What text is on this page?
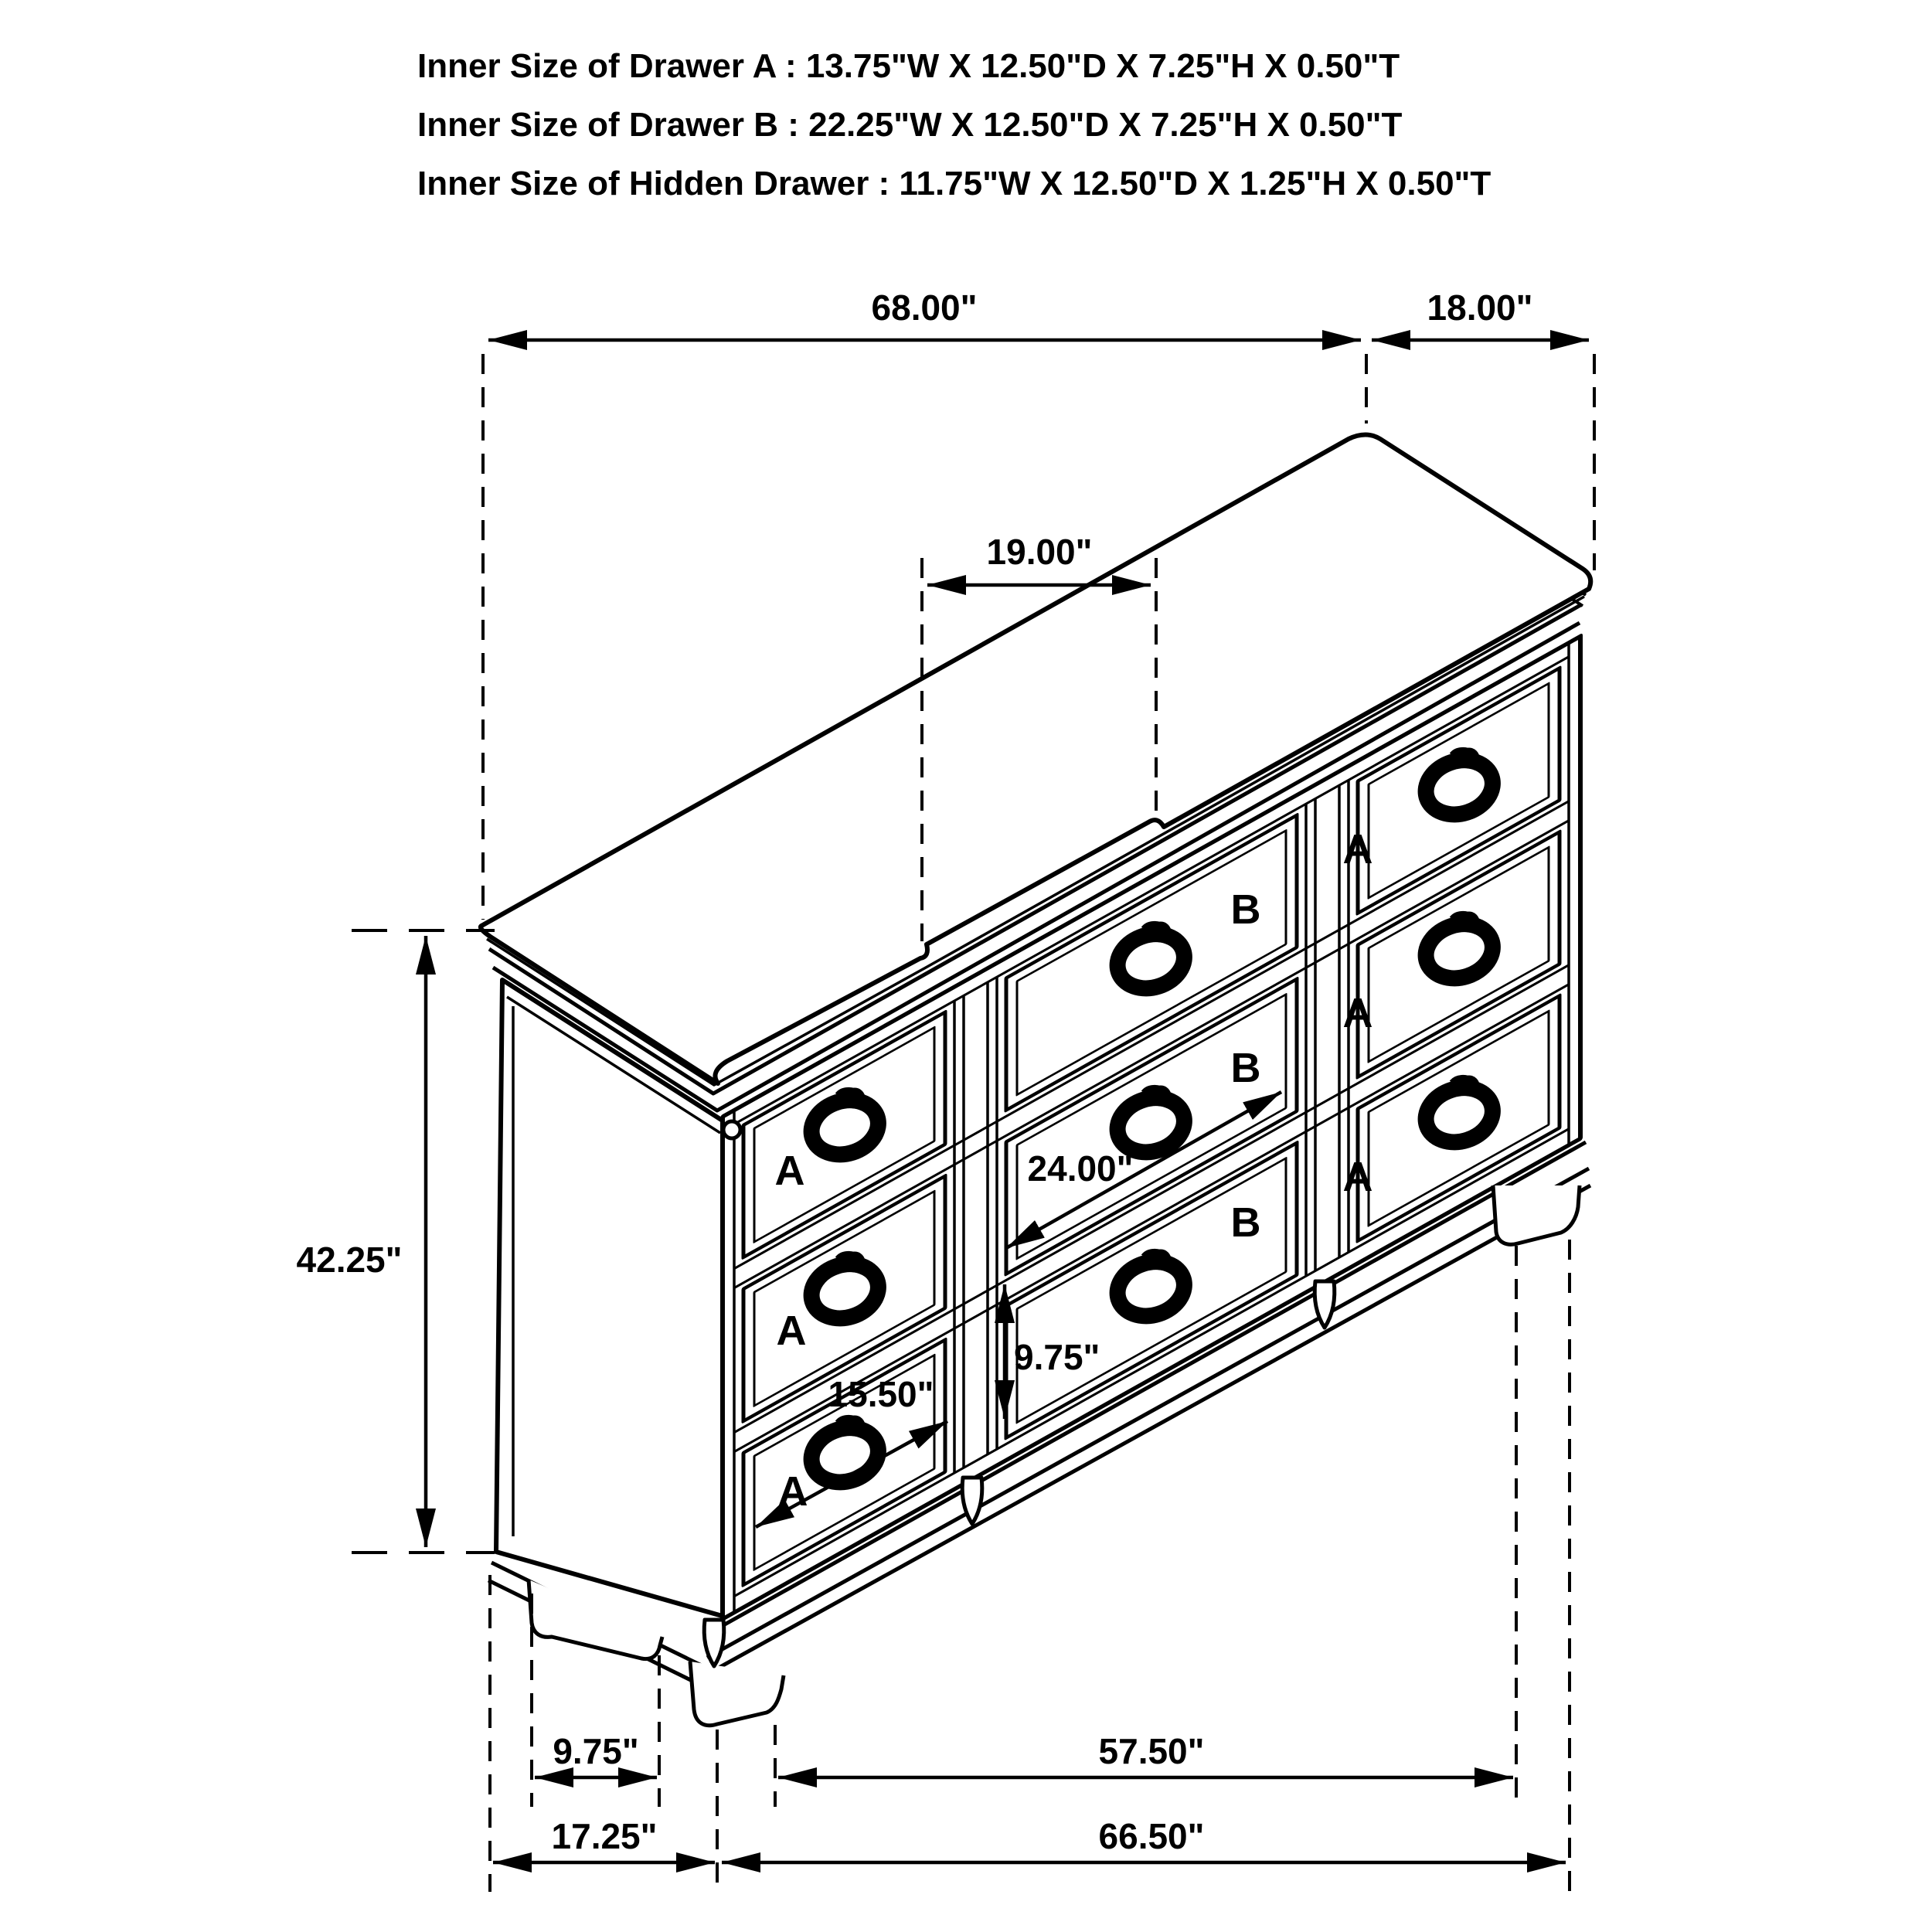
Inner Size of Drawer A : 13.75"W X 12.50"D X 7.25"H X 0.50"T
Inner Size of Drawer B : 22.25"W X 12.50"D X 7.25"H X 0.50"T
Inner Size of Hidden Drawer : 11.75"W X 12.50"D X 1.25"H X 0.50"T
A
A
A
B
B
B
A
A
A
68.00"	18.00"
19.00"
42.25"
24.00"
9.75"
15.50"
9.75"
17.25"
57.50"
66.50"
